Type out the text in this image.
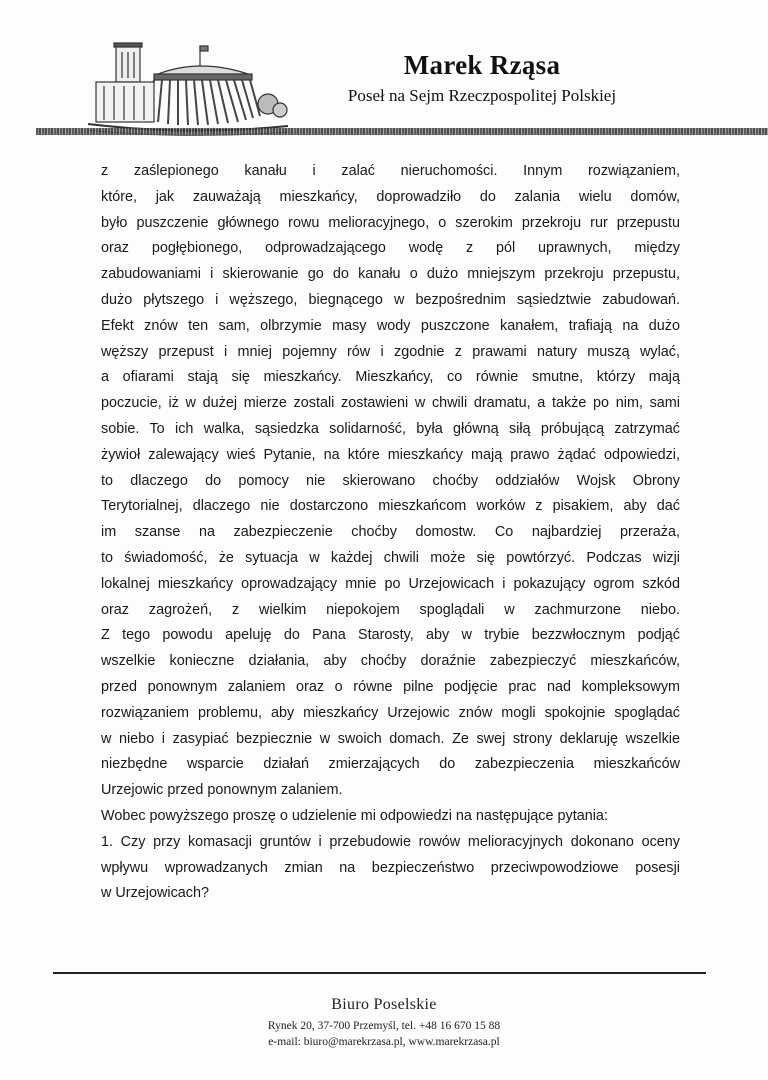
Marek Rząsa
Poseł na Sejm Rzeczpospolitej Polskiej
z zaślepionego kanału i zalać nieruchomości. Innym rozwiązaniem,
które, jak zauważają mieszkańcy, doprowadziło do zalania wielu domów,
było puszczenie głównego rowu melioracyjnego, o szerokim przekroju rur przepustu
oraz pogłębionego, odprowadzającego wodę z pól uprawnych, między
zabudowaniami i skierowanie go do kanału o dużo mniejszym przekroju przepustu,
dużo płytszego i węższego, biegnącego w bezpośrednim sąsiedztwie zabudowań.
Efekt znów ten sam, olbrzymie masy wody puszczone kanałem, trafiają na dużo
węższy przepust i mniej pojemny rów i zgodnie z prawami natury muszą wylać,
a ofiarami stają się mieszkańcy. Mieszkańcy, co równie smutne, którzy mają
poczucie, iż w dużej mierze zostali zostawieni w chwili dramatu, a także po nim, sami
sobie. To ich walka, sąsiedzka solidarność, była główną siłą próbującą zatrzymać
żywioł zalewający wieś Pytanie, na które mieszkańcy mają prawo żądać odpowiedzi,
to dlaczego do pomocy nie skierowano choćby oddziałów Wojsk Obrony
Terytorialnej, dlaczego nie dostarczono mieszkańcom worków z pisakiem, aby dać
im szanse na zabezpieczenie choćby domostw. Co najbardziej przeraża,
to świadomość, że sytuacja w każdej chwili może się powtórzyć. Podczas wizji
lokalnej mieszkańcy oprowadzający mnie po Urzejowicach i pokazujący ogrom szkód
oraz zagrożeń, z wielkim niepokojem spoglądali w zachmurzone niebo.
Z tego powodu apeluję do Pana Starosty, aby w trybie bezzwłocznym podjąć
wszelkie konieczne działania, aby choćby doraźnie zabezpieczyć mieszkańców,
przed ponownym zalaniem oraz o równe pilne podjęcie prac nad kompleksowym
rozwiązaniem problemu, aby mieszkańcy Urzejowic znów mogli spokojnie spoglądać
w niebo i zasypiać bezpiecznie w swoich domach. Ze swej strony deklaruję wszelkie
niezbędne wsparcie działań zmierzających do zabezpieczenia mieszkańców
Urzejowic przed ponownym zalaniem.
Wobec powyższego proszę o udzielenie mi odpowiedzi na następujące pytania:
1. Czy przy komasacji gruntów i przebudowie rowów melioracyjnych dokonano oceny
wpływu wprowadzanych zmian na bezpieczeństwo przeciwpowodziowe posesji
w Urzejowicach?
Biuro Poselskie
Rynek 20, 37-700 Przemyśl, tel. +48 16 670 15 88
e-mail: biuro@marekrzasa.pl, www.marekrzasa.pl
